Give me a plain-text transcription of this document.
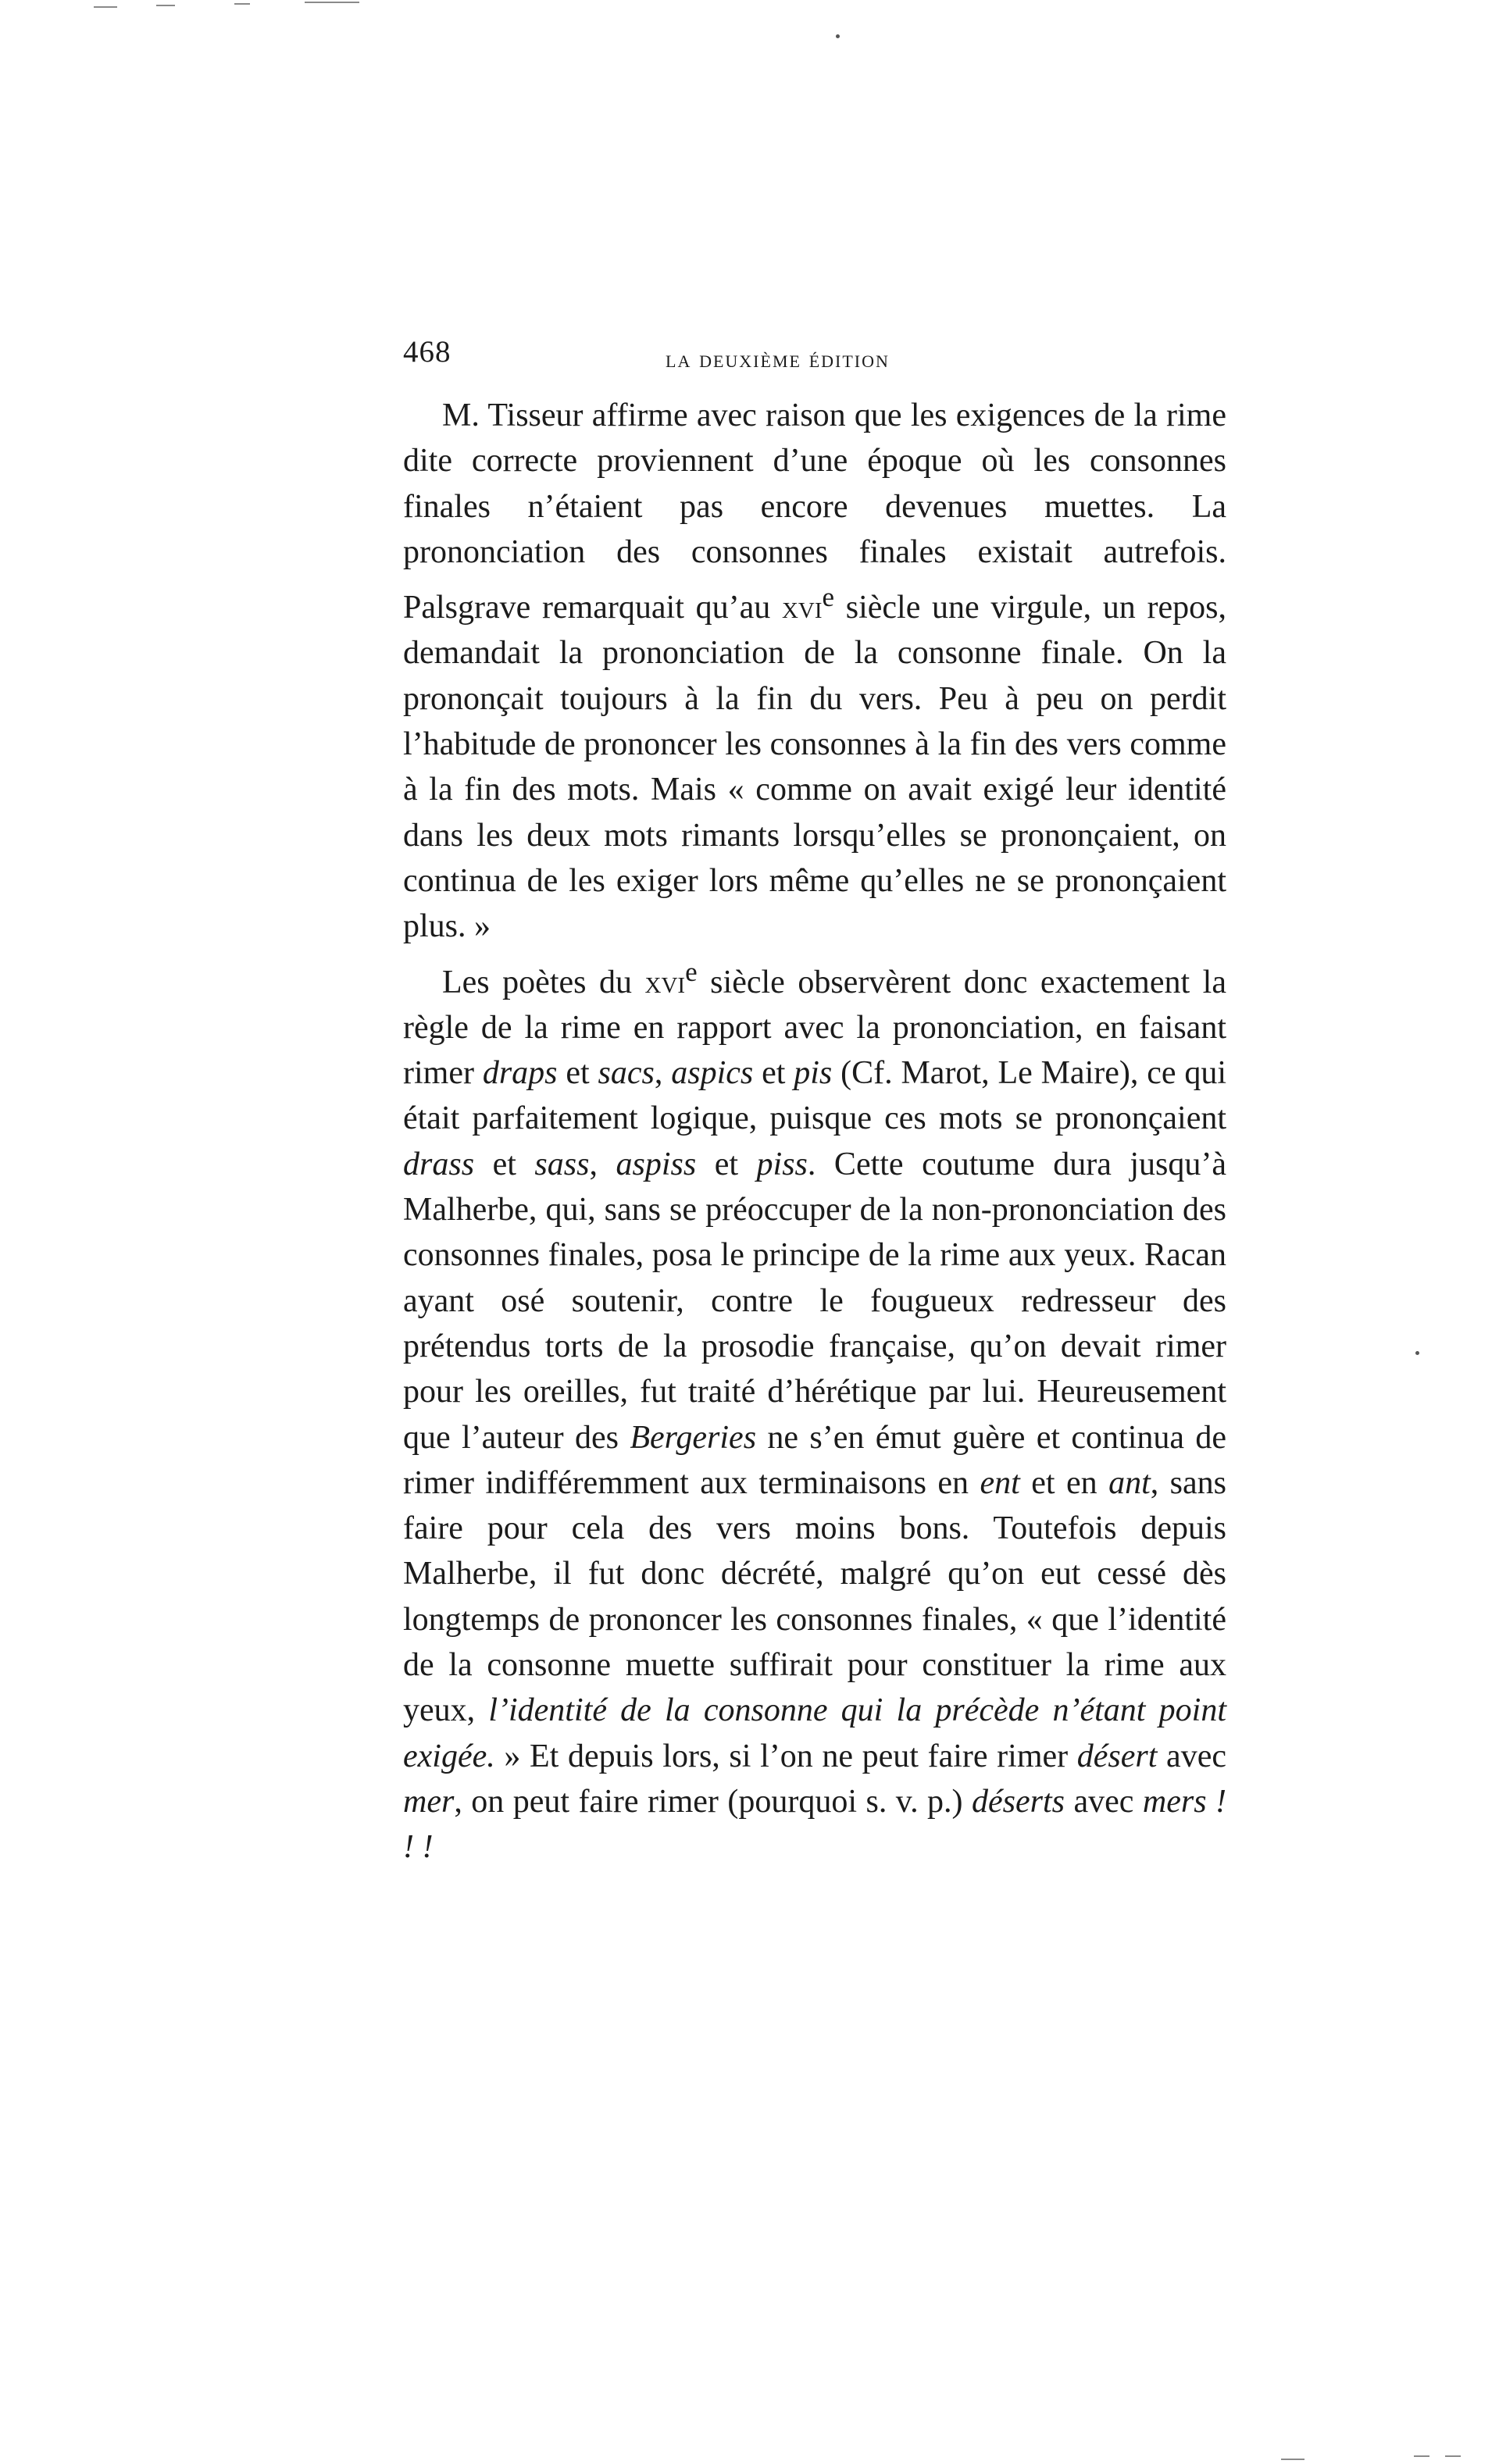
468	la deuxième édition

M. Tisseur affirme avec raison que les exigences de la rime dite correcte proviennent d’une époque où les consonnes finales n’étaient pas encore devenues muettes. La prononciation des consonnes finales existait autrefois. Palsgrave remarquait qu’au xvi$^e$ siècle une virgule, un repos, demandait la prononciation de la consonne finale. On la prononçait toujours à la fin du vers. Peu à peu on perdit l’habitude de prononcer les consonnes à la fin des vers comme à la fin des mots. Mais « comme on avait exigé leur identité dans les deux mots rimants lorsqu’elles se prononçaient, on continua de les exiger lors même qu’elles ne se prononçaient plus. »

Les poètes du xvi$^e$ siècle observèrent donc exactement la règle de la rime en rapport avec la prononciation, en faisant rimer draps et sacs, aspics et pis (Cf. Marot, Le Maire), ce qui était parfaitement logique, puisque ces mots se prononçaient drass et sass, aspiss et piss. Cette coutume dura jusqu’à Malherbe, qui, sans se préoccuper de la non-prononciation des consonnes finales, posa le principe de la rime aux yeux. Racan ayant osé soutenir, contre le fougueux redresseur des prétendus torts de la prosodie française, qu’on devait rimer pour les oreilles, fut traité d’hérétique par lui. Heureusement que l’auteur des Bergeries ne s’en émut guère et continua de rimer indifféremment aux terminaisons en ent et en ant, sans faire pour cela des vers moins bons. Toutefois depuis Malherbe, il fut donc décrété, malgré qu’on eut cessé dès longtemps de prononcer les consonnes finales, « que l’identité de la consonne muette suffirait pour constituer la rime aux yeux, l’identité de la consonne qui la précède n’étant point exigée. » Et depuis lors, si l’on ne peut faire rimer désert avec mer, on peut faire rimer (pourquoi s. v. p.) déserts avec mers ! ! !
